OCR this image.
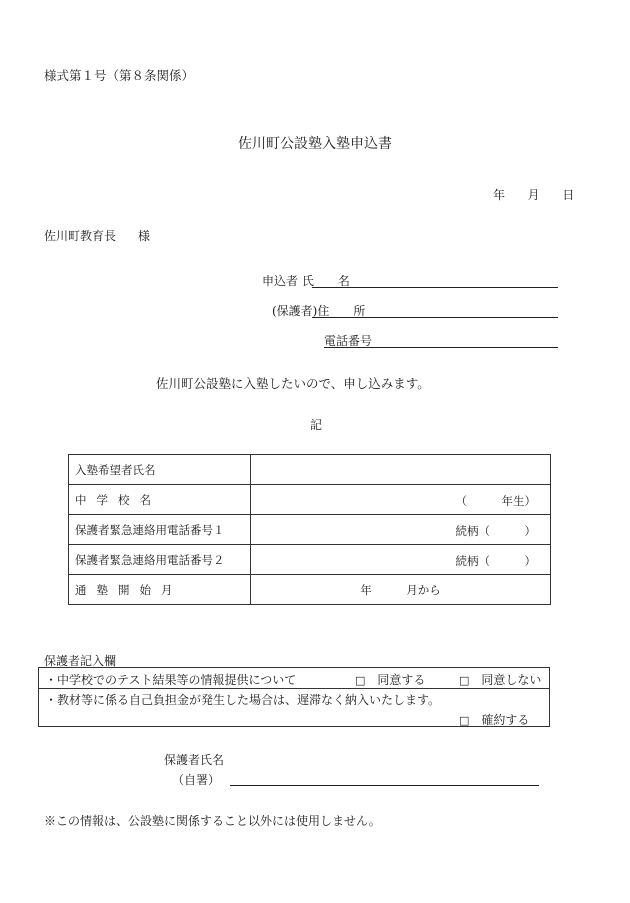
様式第１号（第８条関係）
佐川町公設塾入塾申込書
年 月 日
佐川町教育長 様
申込者 氏　　名
(保護者)住　　所
電話番号
佐川町公設塾に入塾したいので、申し込みます。
記
入塾希望者氏名	
中学校名	（　　　年生）

保護者緊急連絡用電話番号１	続柄（　　　）

保護者緊急連絡用電話番号２	続柄（　　　）

通塾開始月	年　　　月から
保護者記入欄
・中学校でのテスト結果等の情報提供について	□ 同意する	□ 同意しない
・教材等に係る自己負担金が発生した場合は、遅滞なく納入いたします。
□ 確約する
保護者氏名
（自署）
※この情報は、公設塾に関係すること以外には使用しません。
